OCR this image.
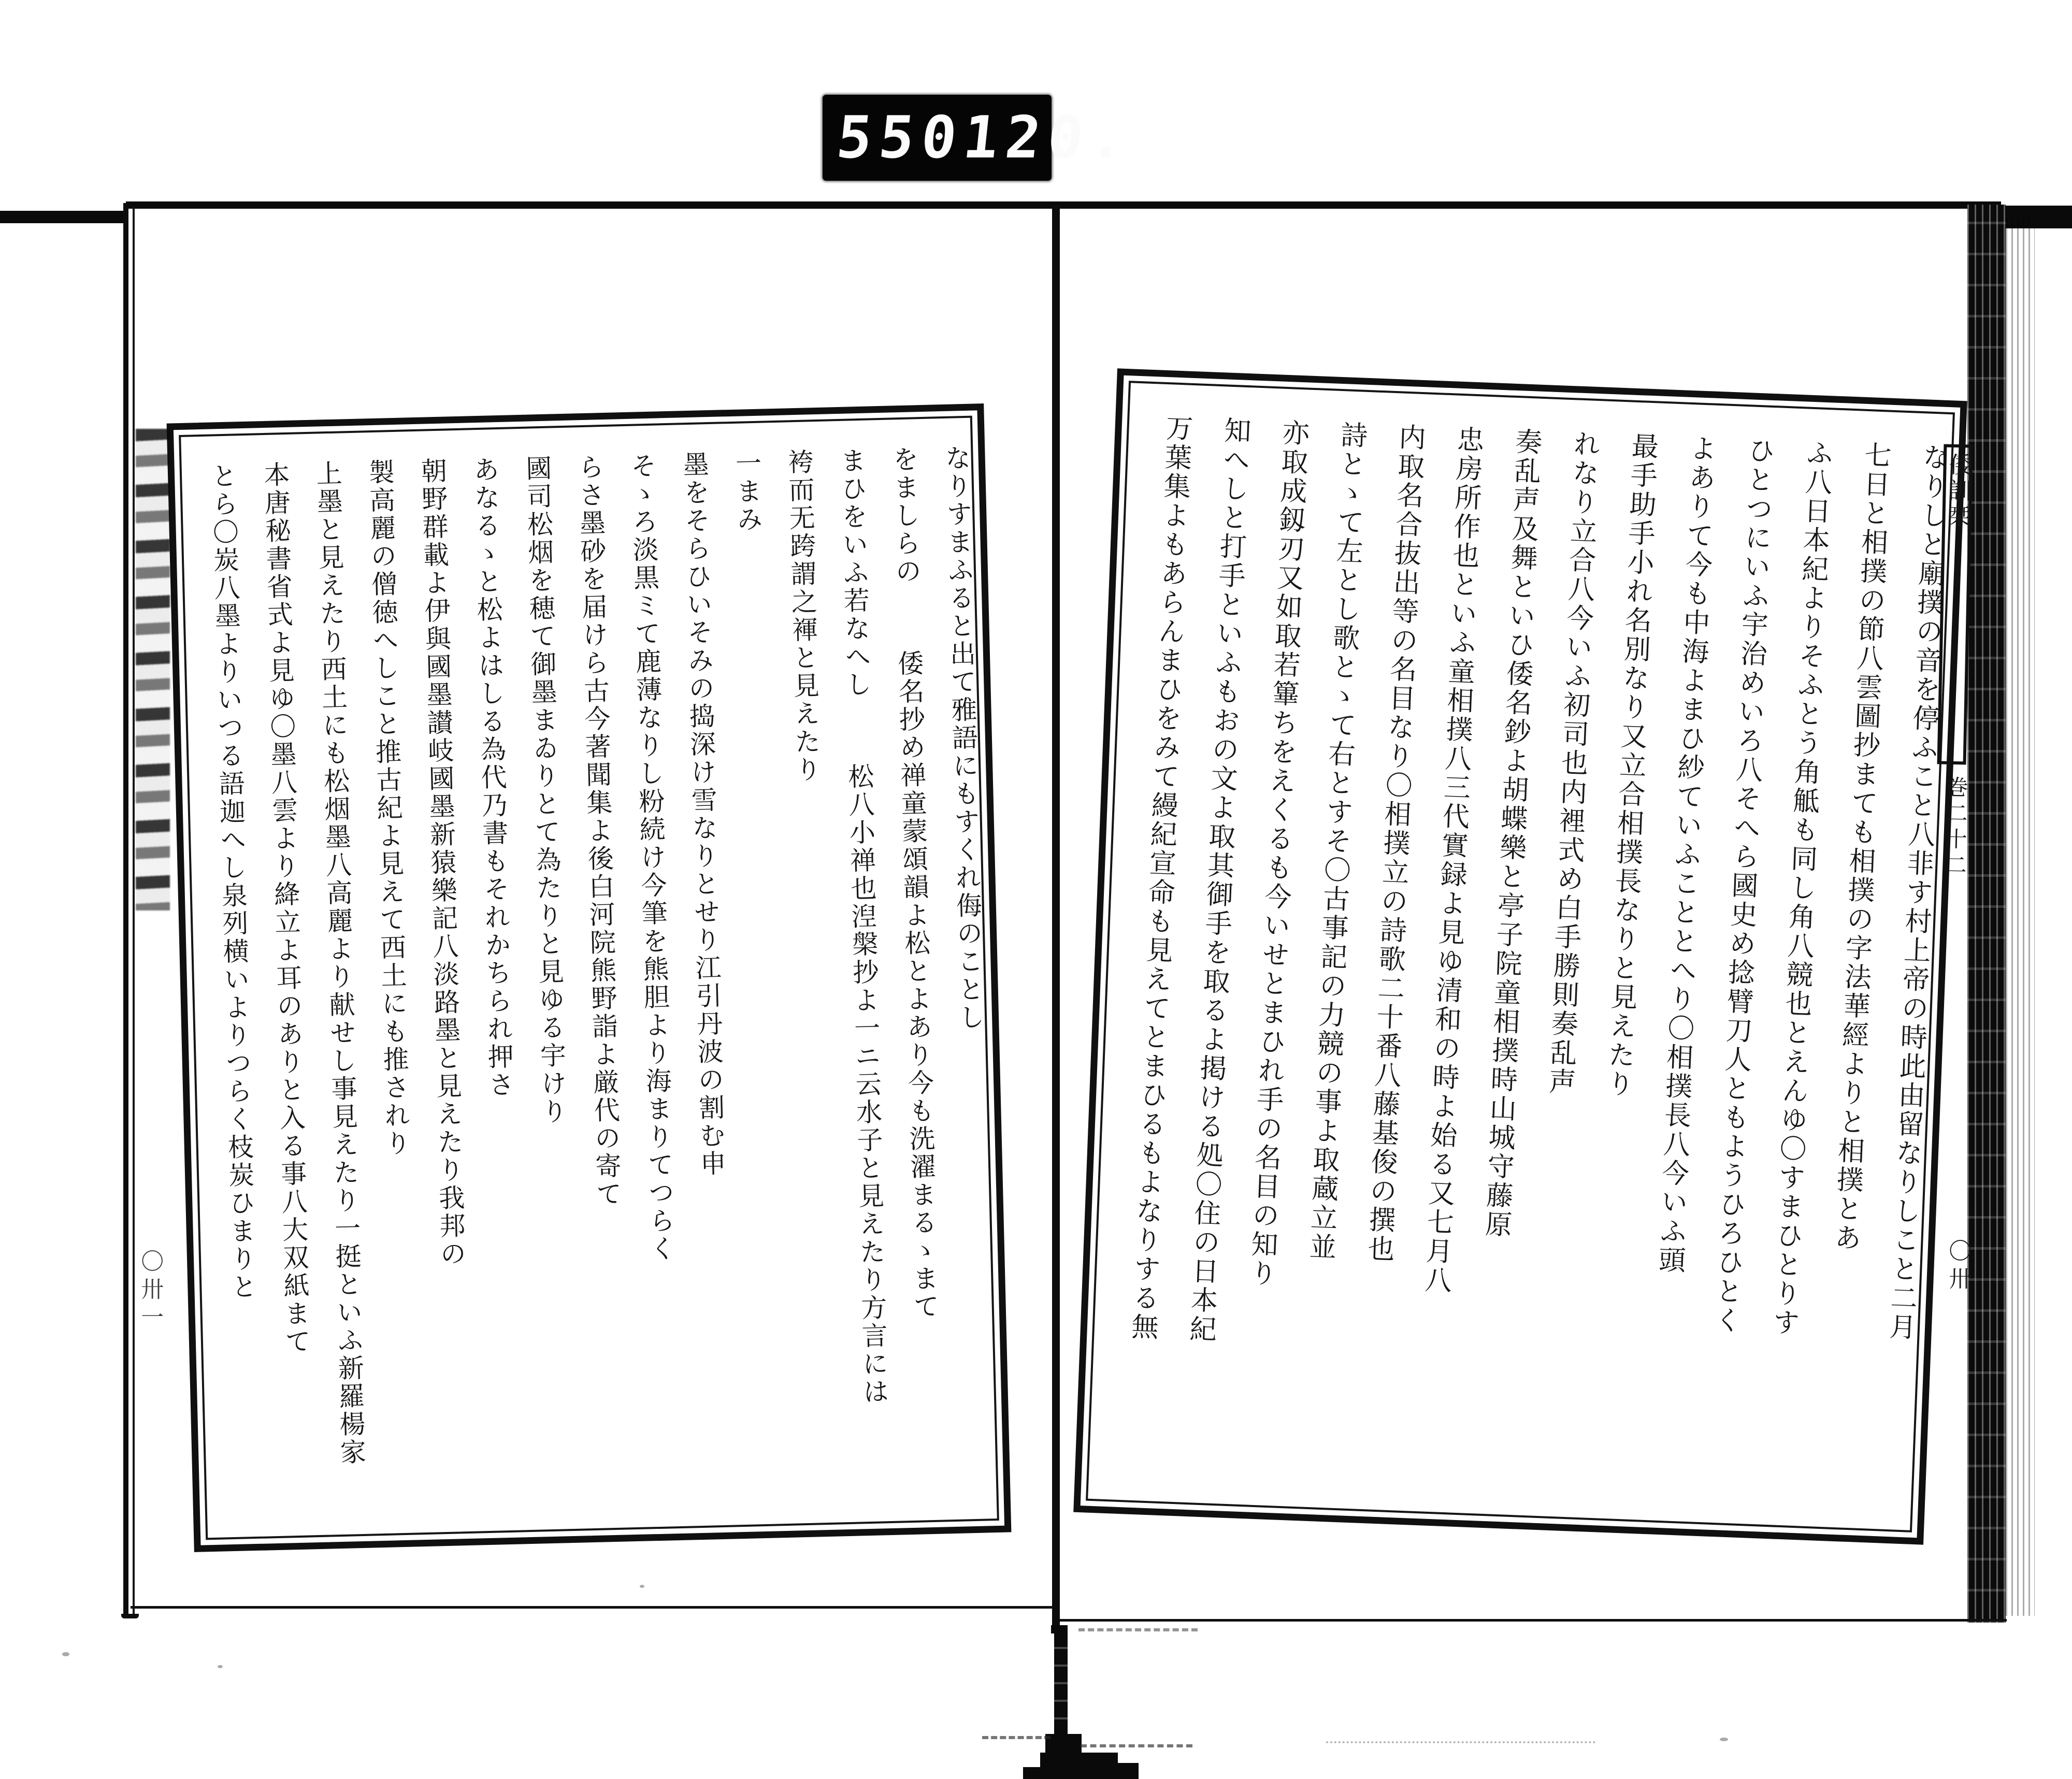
550
120.
なりすまふると出て雅語にもすくれ侮のことし
をましらの  倭名抄め禅童蒙頌韻よ松とよあり今も洗濯まるゝまて
まひをいふ若なへし  松八小禅也湼槃抄よ一ニ云水子と見えたり方言には
袴而无跨謂之褌と見えたり
一まみ
墨をそらひいそみの捣深け雪なりとせり江引丹波の割む申
そゝろ淡黒ミて鹿薄なりし粉続け今筆を熊胆より海まりてつらく
らさ墨砂を届けら古今著聞集よ後白河院熊野詣よ厳代の寄て
國司松烟を穂て御墨まゐりとて為たりと見ゆる宇けり
あなるゝと松よはしる為代乃書もそれかちられ押さ
朝野群載よ伊與國墨讃岐國墨新猿樂記八淡路墨と見えたり我邦の
製高麗の僧徳へしこと推古紀よ見えて西土にも推されり
上墨と見えたり西土にも松烟墨八高麗より献せし事見えたり一挺といふ新羅楊家
本唐秘書省式よ見ゆ〇墨八雲より絳立よ耳のありと入る事八大双紙まて
とら〇炭八墨よりいつる語迦へし泉列横いよりつらく枝炭ひまりと	なりしと廟撲の音を停ふこと八非す村上帝の時此由留なりしこと二月
七日と相撲の節八雲圖抄まても相撲の字法華經よりと相撲とあ
ふ八日本紀よりそふとう角觝も同し角八競也とえんゆ〇すまひとりす
ひとつにいふ宇治めいろ八そへら國史め捻臂刀人ともようひろひとく
よありて今も中海よまひ紗ていふこととへり〇相撲長八今いふ頭
最手助手小れ名別なり又立合相撲長なりと見えたり
れなり立合八今いふ初司也内裡式め白手勝則奏乱声
奏乱声及舞といひ倭名鈔よ胡蝶樂と亭子院童相撲時山城守藤原
忠房所作也といふ童相撲八三代實録よ見ゆ清和の時よ始る又七月八
内取名合抜出等の名目なり〇相撲立の詩歌二十番八藤基俊の撰也
詩とゝて左とし歌とゝて右とすそ〇古事記の力競の事よ取蔵立並
亦取成釼刃又如取若篳ちをえくるも今いせとまひれ手の名目の知り
知へしと打手といふもおの文よ取其御手を取るよ掲ける処〇住の日本紀
万葉集よもあらんまひをみて縵紀宣命も見えてとまひるもよなりする無	倭訓栞
巻二十二
〇卅
〇卅一
